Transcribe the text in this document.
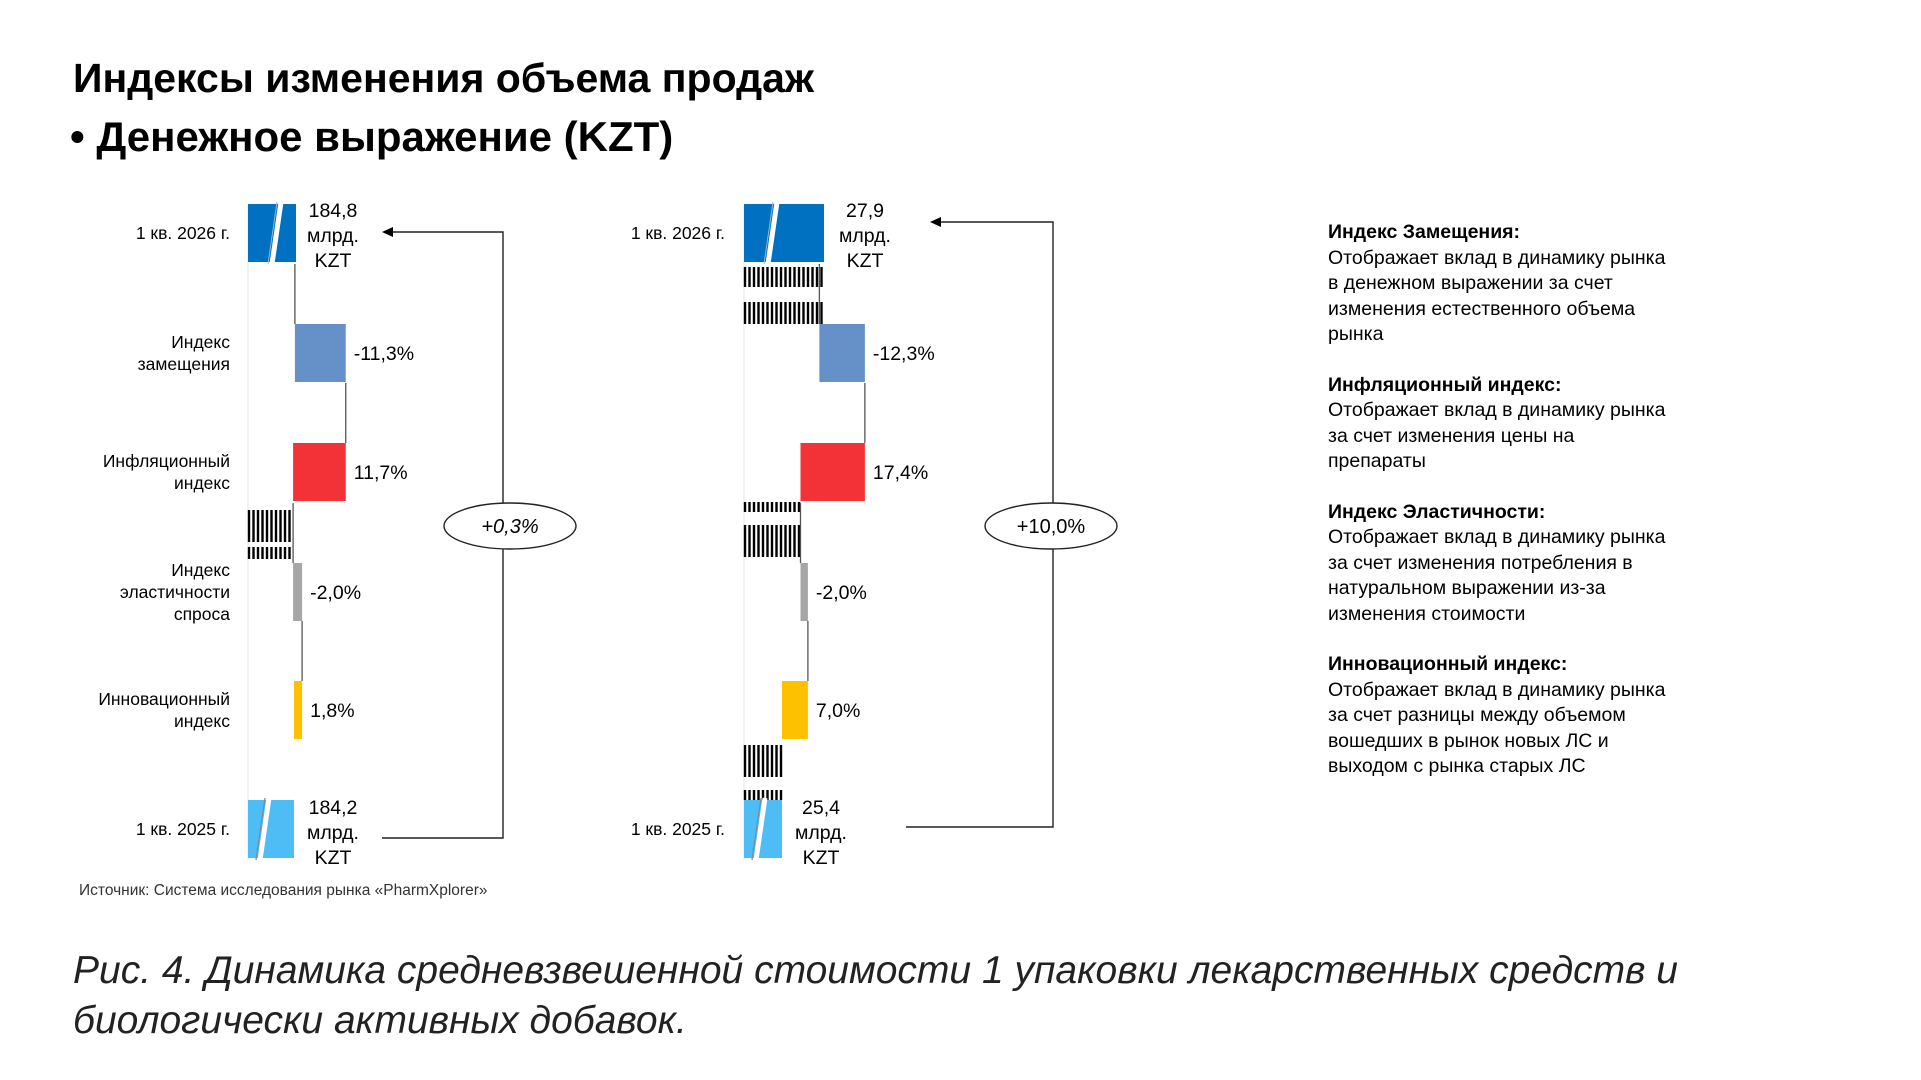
Индексы изменения объема продаж
• Денежное выражение (KZT)
1 кв. 2026 г.
Индекс
замещения
Инфляционный
индекс
Индекс
эластичности
спроса
Инновационный
индекс
1 кв. 2025 г.
184,8
млрд.
KZT
184,2
млрд.
KZT
1,8%
-2,0%
11,7%
-11,3%
+0,3%
1 кв. 2026 г.
1 кв. 2025 г.
27,9
млрд.
KZT
25,4
млрд.
KZT
7,0%
-2,0%
17,4%
-12,3%
+10,0%
Индекс Замещения:
Отображает вклад в динамику рынка в денежном выражении за счет изменения естественного объема рынка
Инфляционный индекс:
Отображает вклад в динамику рынка за счет изменения цены на препараты
Индекс Эластичности:
Отображает вклад в динамику рынка за счет изменения потребления в натуральном выражении из-за изменения стоимости
Инновационный индекс:
Отображает вклад в динамику рынка за счет разницы между объемом вошедших в рынок новых ЛС и выходом с рынка старых ЛС
Источник: Система исследования рынка «PharmXplorer»
Рис. 4. Динамика средневзвешенной стоимости 1 упаковки лекарственных средств и биологически активных добавок.
